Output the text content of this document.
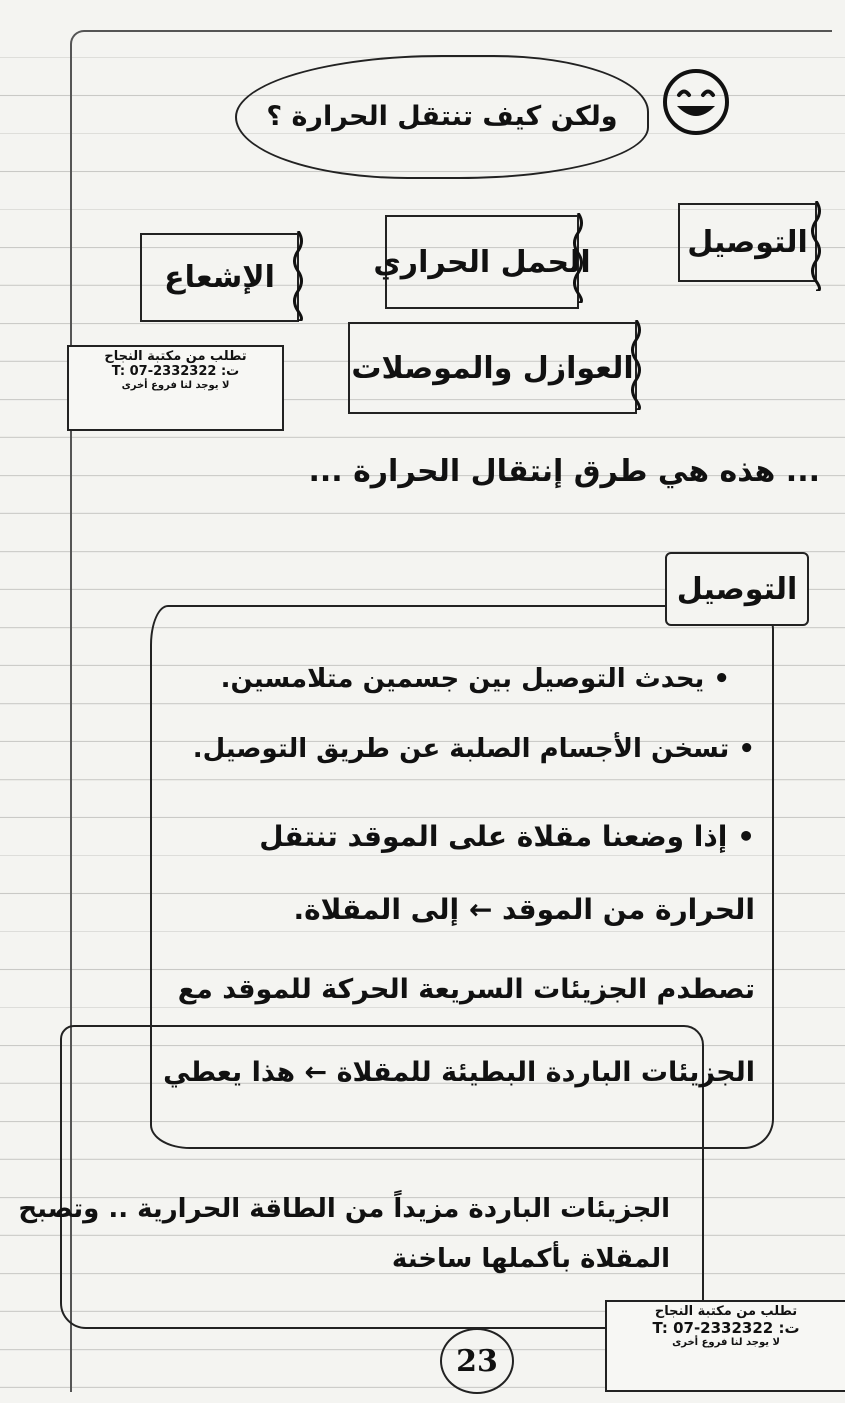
ولكن كيف تنتقل الحرارة ؟
التوصيل
الحمل الحراري
الإشعاع
العوازل والموصلات
تطلب من مكتبة النجاح
T: 07-2332322 :ت
لا يوجد لنا فروع أخرى
... هذه هي طرق إنتقال الحرارة ...
التوصيل
• يحدث التوصيل بين جسمين متلامسين.
• تسخن الأجسام الصلبة عن طريق التوصيل.
• إذا وضعنا مقلاة على الموقد تنتقل
الحرارة من الموقد ← إلى المقلاة.
تصطدم الجزيئات السريعة الحركة للموقد مع
الجزيئات الباردة البطيئة للمقلاة ← هذا يعطي
الجزيئات الباردة مزيداً من الطاقة الحرارية .. وتصبح
المقلاة بأكملها ساخنة
23
تطلب من مكتبة النجاح
T: 07-2332322 :ت
لا يوجد لنا فروع أخرى
